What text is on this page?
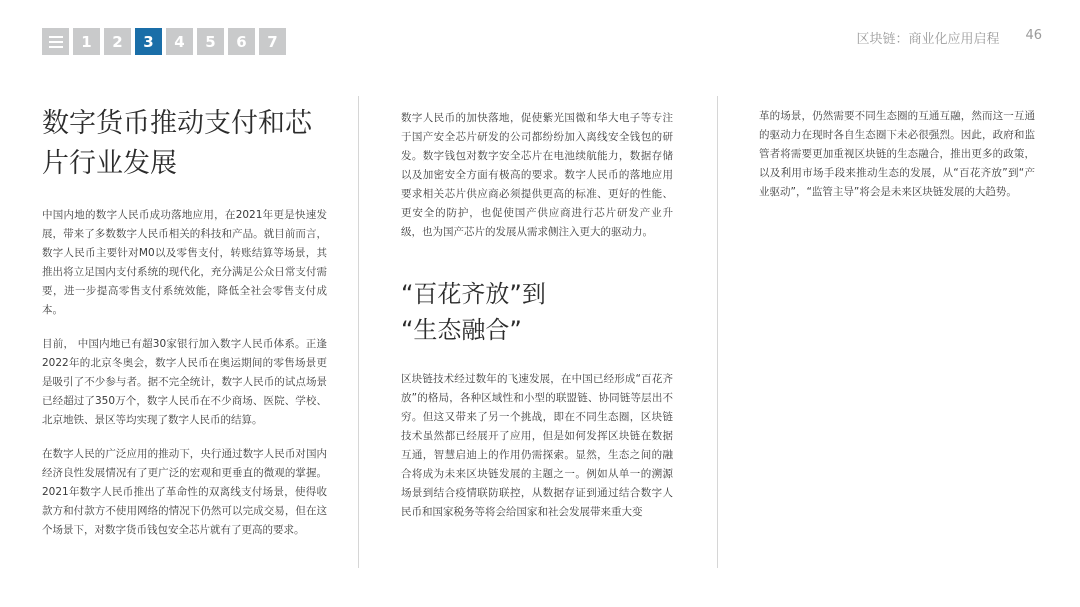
1	2	3	4	5	6	7	区块链：商业化应用启程 46
数字货币推动支付和芯片行业发展

中国内地的数字人民币成功落地应用，在2021年更是快速发展，带来了多数数字人民币相关的科技和产品。就目前而言，数字人民币主要针对M0以及零售支付，转账结算等场景，其推出将立足国内支付系统的现代化，充分满足公众日常支付需要，进一步提高零售支付系统效能，降低全社会零售支付成本。

目前， 中国内地已有超30家银行加入数字人民币体系。正逢2022年的北京冬奥会，数字人民币在奥运期间的零售场景更是吸引了不少参与者。据不完全统计，数字人民币的试点场景已经超过了350万个，数字人民币在不少商场、医院、学校、北京地铁、景区等均实现了数字人民币的结算。

在数字人民的广泛应用的推动下，央行通过数字人民币对国内经济良性发展情况有了更广泛的宏观和更垂直的微观的掌握。2021年数字人民币推出了革命性的双离线支付场景，使得收款方和付款方不使用网络的情况下仍然可以完成交易，但在这个场景下，对数字货币钱包安全芯片就有了更高的要求。

数字人民币的加快落地，促使紫光国微和华大电子等专注于国产安全芯片研发的公司都纷纷加入离线安全钱包的研发。数字钱包对数字安全芯片在电池续航能力，数据存储以及加密安全方面有极高的要求。数字人民币的落地应用要求相关芯片供应商必须提供更高的标准、更好的性能、更安全的防护，也促使国产供应商进行芯片研发产业升级，也为国产芯片的发展从需求侧注入更大的驱动力。

“百花齐放”到
“生态融合”

区块链技术经过数年的飞速发展，在中国已经形成“百花齐放”的格局，各种区域性和小型的联盟链、协同链等层出不穷。但这又带来了另一个挑战，即在不同生态圈，区块链技术虽然都已经展开了应用，但是如何发挥区块链在数据互通，智慧启迪上的作用仍需探索。显然，生态之间的融合将成为未来区块链发展的主题之一。例如从单一的溯源场景到结合疫情联防联控，从数据存证到通过结合数字人民币和国家税务等将会给国家和社会发展带来重大变

革的场景，仍然需要不同生态圈的互通互融，然而这一互通的驱动力在现时各自生态圈下未必很强烈。因此，政府和监管者将需要更加重视区块链的生态融合，推出更多的政策，以及利用市场手段来推动生态的发展，从“百花齐放”到“产业驱动”，“监管主导”将会是未来区块链发展的大趋势。
